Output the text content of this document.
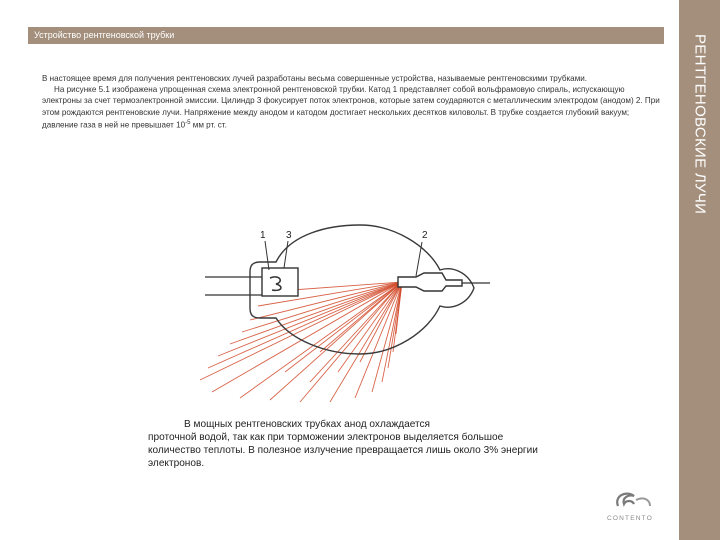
РЕНТГЕНОВСКИЕ ЛУЧИ
Устройство рентгеновской трубки

В настоящее время для получения рентгеновских лучей разработаны весьма совершенные устройства, называемые рентгеновскими трубками.

На рисунке 5.1 изображена упрощенная схема электронной рентгеновской трубки. Катод 1 представляет собой вольфрамовую спираль, испускающую электроны за счет термоэлектронной эмиссии. Цилиндр 3 фокусирует поток электронов, которые затем соударяются с металлическим электродом (анодом) 2. При этом рождаются рентгеновские лучи. Напряжение между анодом и катодом достигает нескольких десятков киловольт. В трубке создается глубокий вакуум; давление газа в ней не превышает $10^{-5}$ мм рт. ст.

1 3	2
В мощных рентгеновских трубках анод охлаждается
проточной водой, так как при торможении электронов выделяется большое количество теплоты. В полезное излучение превращается лишь около 3% энергии электронов.
CONTENTO
